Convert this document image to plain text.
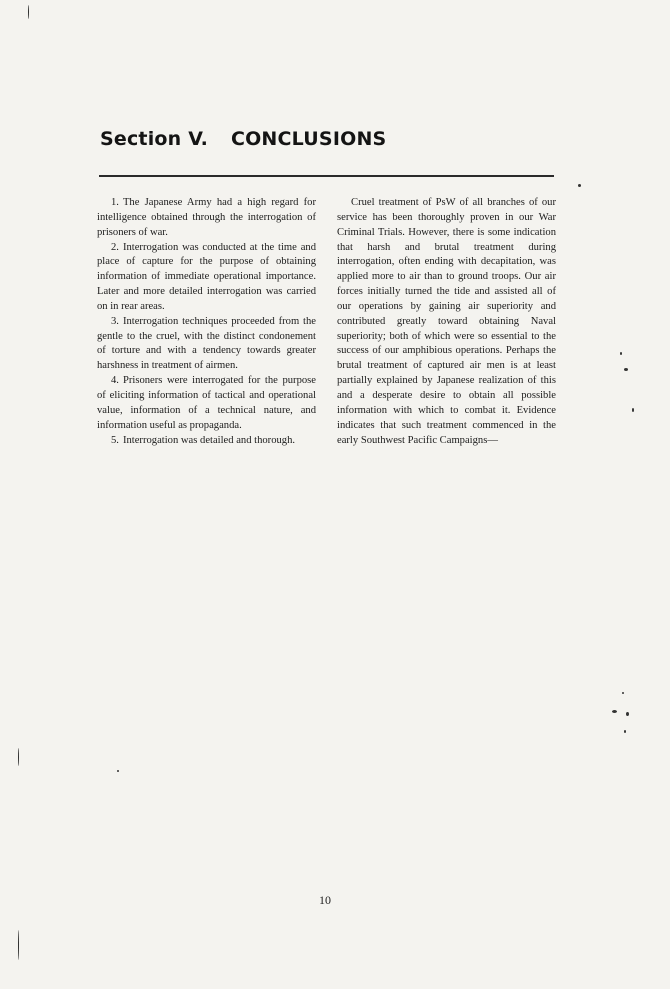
Section V. CONCLUSIONS

1. The Japanese Army had a high regard for intelligence obtained through the interrogation of prisoners of war.

2. Interrogation was conducted at the time and place of capture for the purpose of obtaining information of immediate operational importance. Later and more detailed interrogation was carried on in rear areas.

3. Interrogation techniques proceeded from the gentle to the cruel, with the distinct condonement of torture and with a tendency towards greater harshness in treatment of airmen.

4. Prisoners were interrogated for the purpose of eliciting information of tactical and operational value, information of a technical nature, and information useful as propaganda.

5. Interrogation was detailed and thorough.

Cruel treatment of PsW of all branches of our service has been thoroughly proven in our War Criminal Trials. However, there is some indication that harsh and brutal treatment during interrogation, often ending with decapitation, was applied more to air than to ground troops. Our air forces initially turned the tide and assisted all of our operations by gaining air superiority and contributed greatly toward obtaining Naval superiority; both of which were so essential to the success of our amphibious operations. Perhaps the brutal treatment of captured air men is at least partially explained by Japanese realization of this and a desperate desire to obtain all possible information with which to combat it. Evidence indicates that such treatment commenced in the early Southwest Pacific Campaigns—

10
